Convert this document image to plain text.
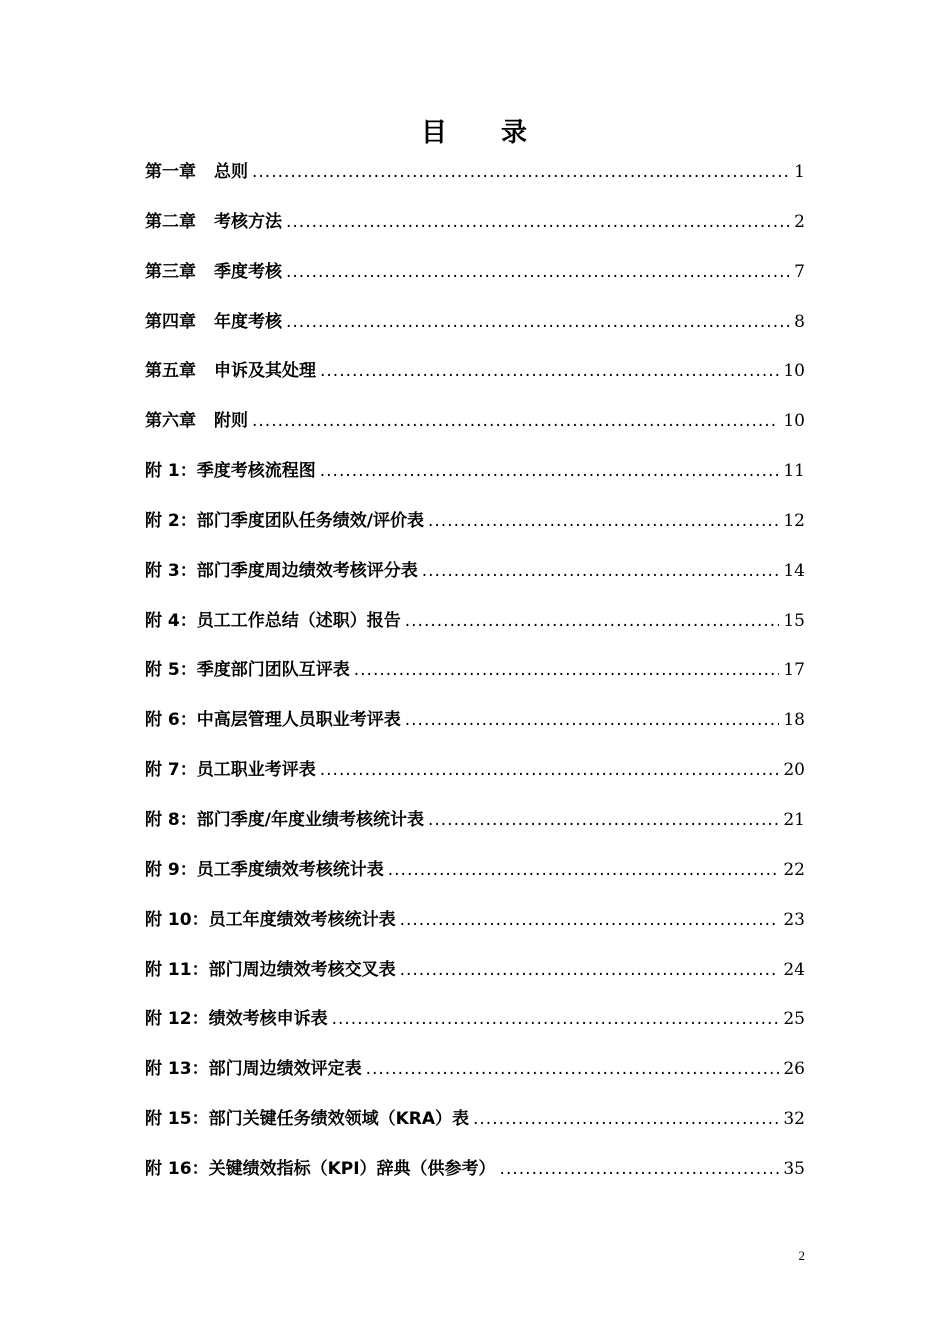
目 录
第一章 总则 .....	1
第二章 考核方法 .....	2
第三章 季度考核 .....	7
第四章 年度考核 .....	8
第五章 申诉及其处理 .....	10
第六章 附则 .....	10
附 1：季度考核流程图 .....	11
附 2：部门季度团队任务绩效/评价表 .....	12
附 3：部门季度周边绩效考核评分表 .....	14
附 4：员工工作总结（述职）报告 .....	15
附 5：季度部门团队互评表 .....	17
附 6：中高层管理人员职业考评表 .....	18
附 7：员工职业考评表 .....	20
附 8：部门季度/年度业绩考核统计表 .....	21
附 9：员工季度绩效考核统计表 .....	22
附 10：员工年度绩效考核统计表 .....	23
附 11：部门周边绩效考核交叉表 .....	24
附 12：绩效考核申诉表 .....	25
附 13：部门周边绩效评定表 .....	26
附 15：部门关键任务绩效领域（KRA）表 .....	32
附 16：关键绩效指标（KPI）辞典（供参考） .....	35
2
